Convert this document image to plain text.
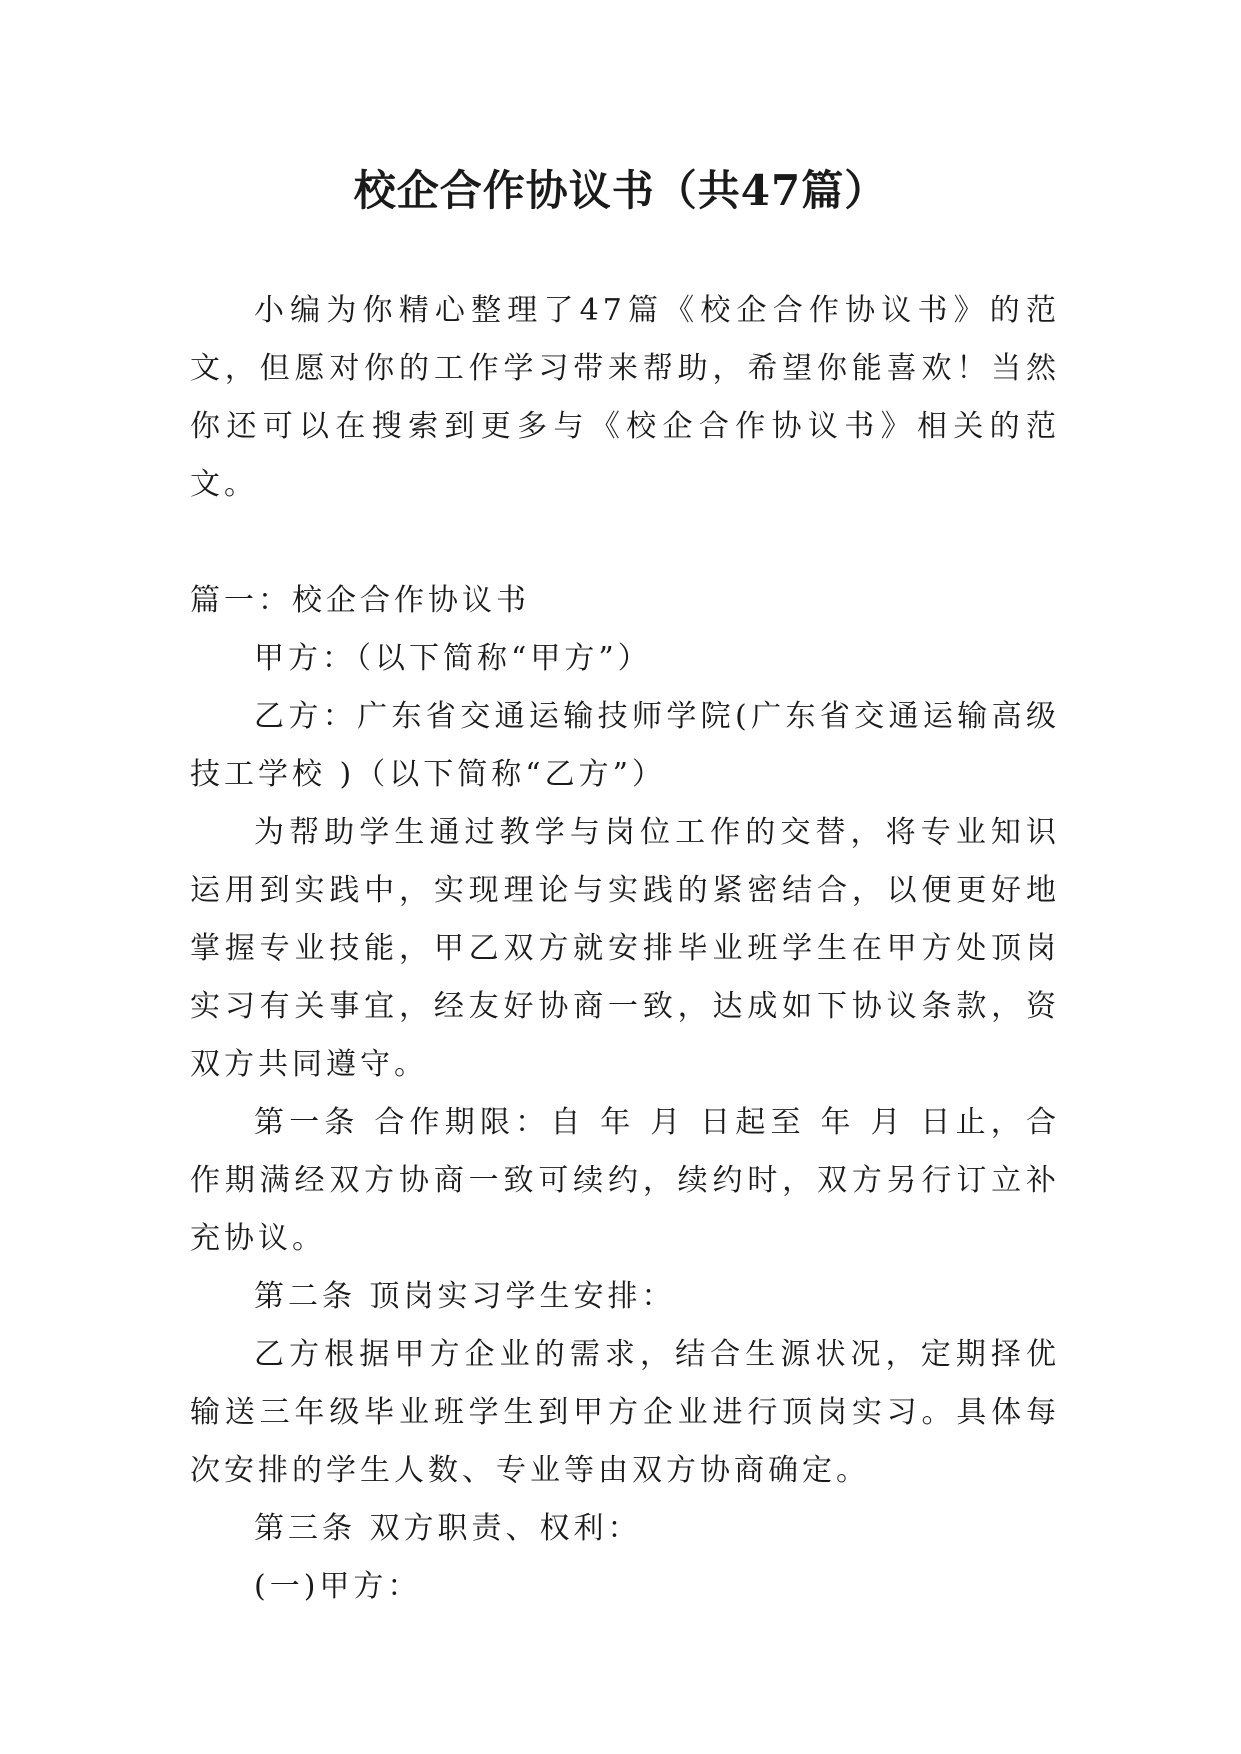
校企合作协议书（共47篇）

小编为你精心整理了47篇《校企合作协议书》的范文，但愿对你的工作学习带来帮助，希望你能喜欢！当然你还可以在搜索到更多与《校企合作协议书》相关的范文。

篇一：校企合作协议书

甲方：（以下简称“甲方”）

乙方：广东省交通运输技师学院(广东省交通运输高级技工学校 )（以下简称“乙方”）

为帮助学生通过教学与岗位工作的交替，将专业知识运用到实践中，实现理论与实践的紧密结合，以便更好地掌握专业技能，甲乙双方就安排毕业班学生在甲方处顶岗实习有关事宜，经友好协商一致，达成如下协议条款，资双方共同遵守。

第一条 合作期限：自 年 月 日起至 年 月 日止，合作期满经双方协商一致可续约，续约时，双方另行订立补充协议。

第二条 顶岗实习学生安排：

乙方根据甲方企业的需求，结合生源状况，定期择优输送三年级毕业班学生到甲方企业进行顶岗实习。具体每次安排的学生人数、专业等由双方协商确定。

第三条 双方职责、权利：

(一)甲方：
